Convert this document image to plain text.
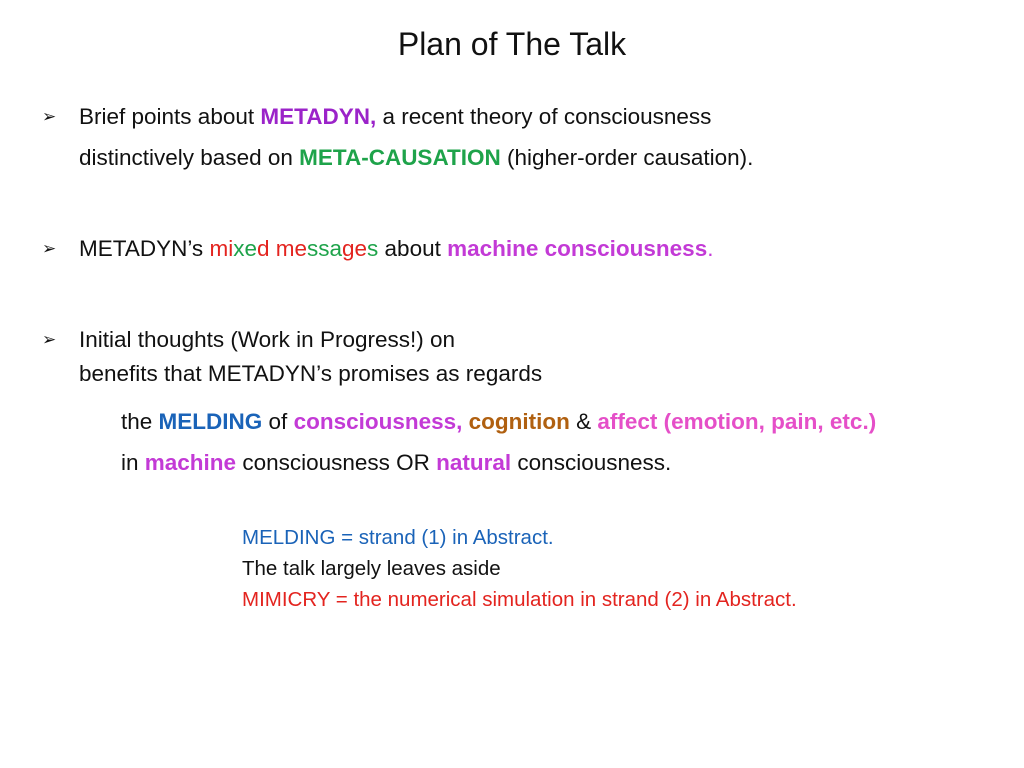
Plan of The Talk
➢ Brief points about METADYN, a recent theory of consciousness
distinctively based on META-CAUSATION (higher-order causation).
➢ METADYN’s mixed messages about machine consciousness.
➢ Initial thoughts (Work in Progress!) on
benefits that METADYN’s promises as regards
the MELDING of consciousness, cognition & affect (emotion, pain, etc.)
in machine consciousness OR natural consciousness.
MELDING = strand (1) in Abstract.
The talk largely leaves aside
MIMICRY = the numerical simulation in strand (2) in Abstract.
